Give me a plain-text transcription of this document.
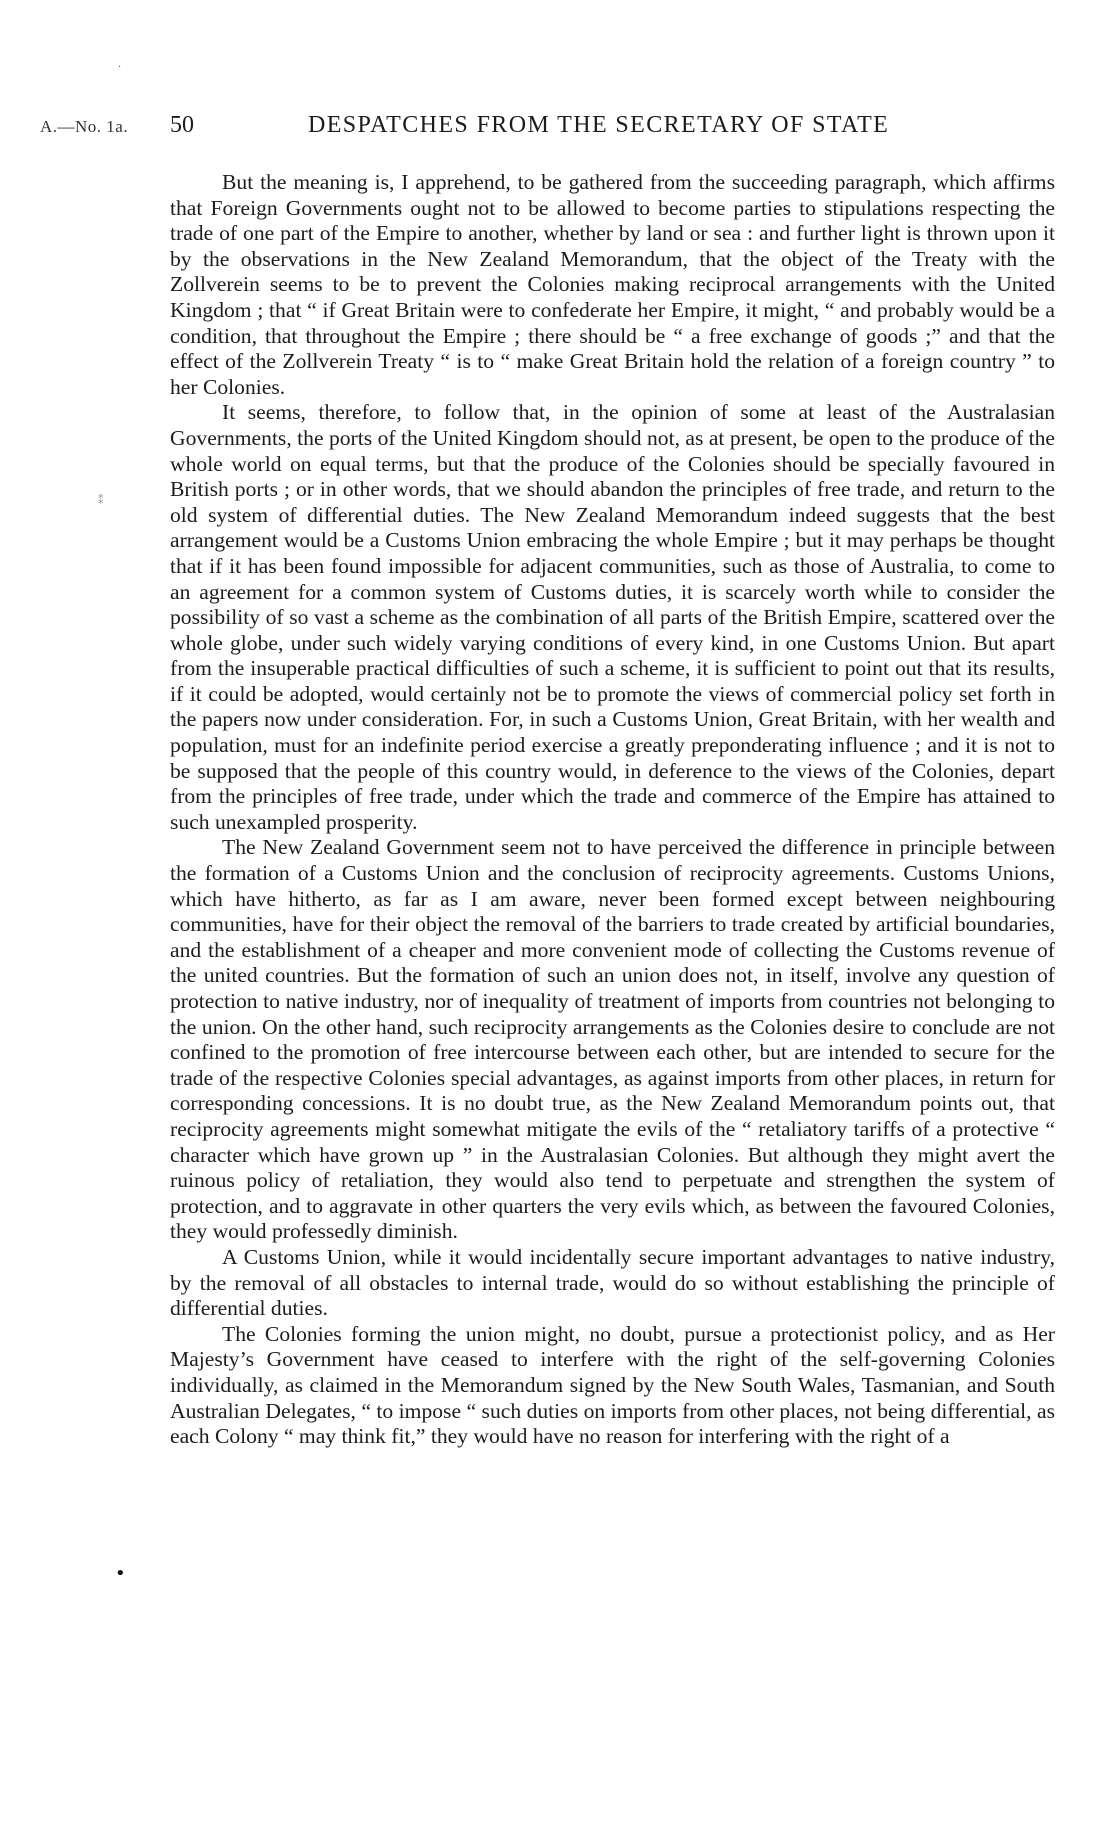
A.—No. 1a. 50	DESPATCHES FROM THE SECRETARY OF STATE

But the meaning is, I apprehend, to be gathered from the succeeding paragraph, which affirms that Foreign Governments ought not to be allowed to become parties to stipulations respecting the trade of one part of the Empire to another, whether by land or sea : and further light is thrown upon it by the observations in the New Zealand Memorandum, that the object of the Treaty with the Zollverein seems to be to prevent the Colonies making reciprocal arrangements with the United Kingdom ; that “ if Great Britain were to confederate her Empire, it might, “ and probably would be a condition, that throughout the Empire ; there should be “ a free exchange of goods ;” and that the effect of the Zollverein Treaty “ is to “ make Great Britain hold the relation of a foreign country ” to her Colonies.

It seems, therefore, to follow that, in the opinion of some at least of the Australasian Governments, the ports of the United Kingdom should not, as at present, be open to the produce of the whole world on equal terms, but that the produce of the Colonies should be specially favoured in British ports ; or in other words, that we should abandon the principles of free trade, and return to the old system of differential duties. The New Zealand Memorandum indeed suggests that the best arrangement would be a Customs Union embracing the whole Empire ; but it may perhaps be thought that if it has been found impossible for adjacent communities, such as those of Australia, to come to an agreement for a common system of Customs duties, it is scarcely worth while to consider the possibility of so vast a scheme as the combination of all parts of the British Empire, scattered over the whole globe, under such widely varying conditions of every kind, in one Customs Union. But apart from the insuperable practical difficulties of such a scheme, it is sufficient to point out that its results, if it could be adopted, would certainly not be to promote the views of commercial policy set forth in the papers now under consideration. For, in such a Customs Union, Great Britain, with her wealth and population, must for an indefinite period exercise a greatly preponderating influence ; and it is not to be supposed that the people of this country would, in deference to the views of the Colonies, depart from the principles of free trade, under which the trade and commerce of the Empire has attained to such unexampled prosperity.

The New Zealand Government seem not to have perceived the difference in principle between the formation of a Customs Union and the conclusion of reciprocity agreements. Customs Unions, which have hitherto, as far as I am aware, never been formed except between neighbouring communities, have for their object the removal of the barriers to trade created by artificial boundaries, and the establishment of a cheaper and more convenient mode of collecting the Customs revenue of the united countries. But the formation of such an union does not, in itself, involve any question of protection to native industry, nor of inequality of treatment of imports from countries not belonging to the union. On the other hand, such reciprocity arrangements as the Colonies desire to conclude are not confined to the promotion of free intercourse between each other, but are intended to secure for the trade of the respective Colonies special advantages, as against imports from other places, in return for corresponding concessions. It is no doubt true, as the New Zealand Memorandum points out, that reciprocity agreements might somewhat mitigate the evils of the “ retaliatory tariffs of a protective “ character which have grown up ” in the Australasian Colonies. But although they might avert the ruinous policy of retaliation, they would also tend to perpetuate and strengthen the system of protection, and to aggravate in other quarters the very evils which, as between the favoured Colonies, they would professedly diminish.

A Customs Union, while it would incidentally secure important advantages to native industry, by the removal of all obstacles to internal trade, would do so without establishing the principle of differential duties.

The Colonies forming the union might, no doubt, pursue a protectionist policy, and as Her Majesty’s Government have ceased to interfere with the right of the self-governing Colonies individually, as claimed in the Memorandum signed by the New South Wales, Tasmanian, and South Australian Delegates, “ to impose “ such duties on imports from other places, not being differential, as each Colony “ may think fit,” they would have no reason for interfering with the right of a

·
•
⁑
